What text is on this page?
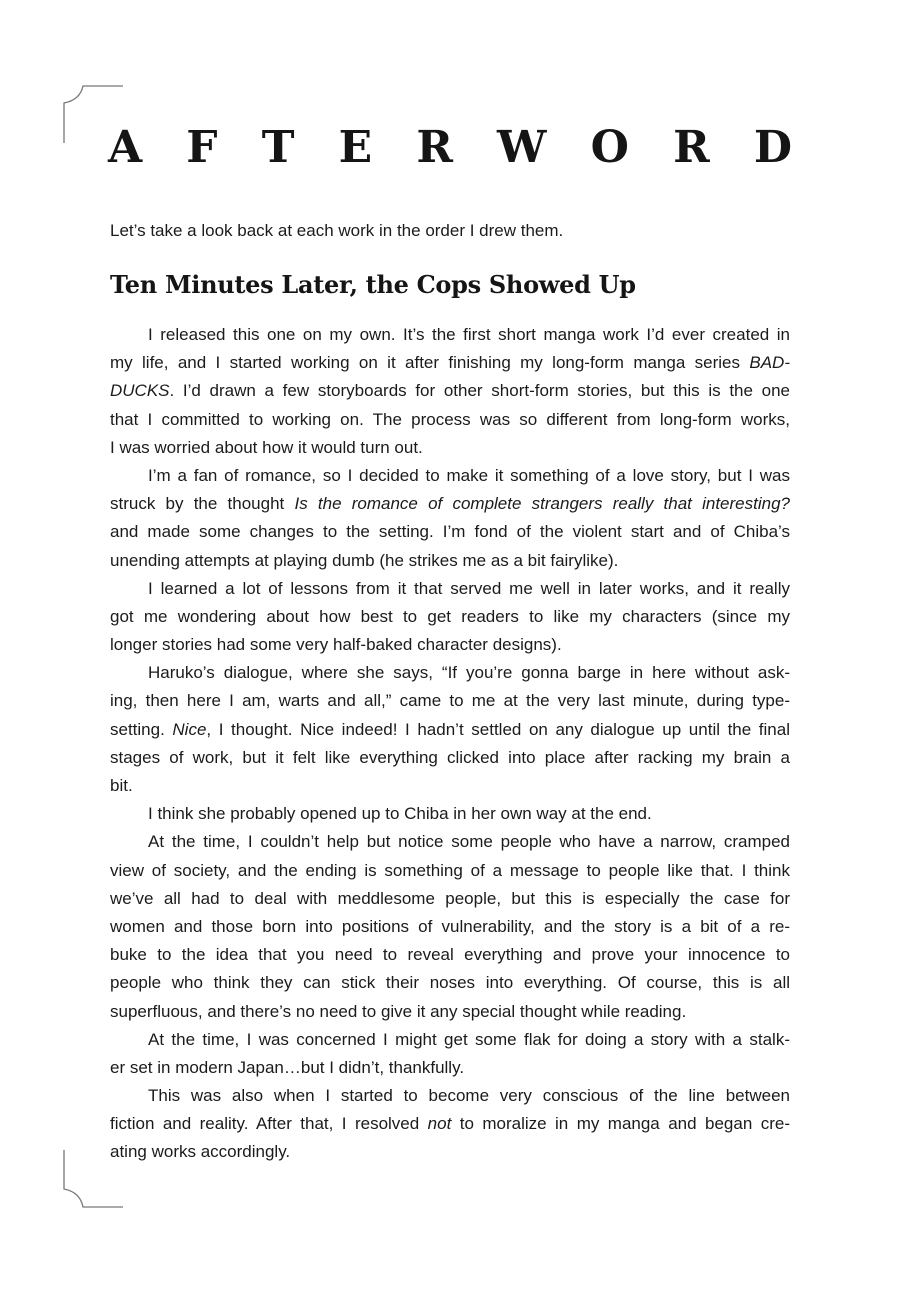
A F T E R W O R D
Let’s take a look back at each work in the order I drew them.
Ten Minutes Later, the Cops Showed Up
I released this one on my own. It’s the first short manga work I’d ever created in
my life, and I started working on it after finishing my long-form manga series BAD-
DUCKS. I’d drawn a few storyboards for other short-form stories, but this is the one
that I committed to working on. The process was so different from long-form works,
I was worried about how it would turn out.
I’m a fan of romance, so I decided to make it something of a love story, but I was
struck by the thought Is the romance of complete strangers really that interesting?
and made some changes to the setting. I’m fond of the violent start and of Chiba’s
unending attempts at playing dumb (he strikes me as a bit fairylike).
I learned a lot of lessons from it that served me well in later works, and it really
got me wondering about how best to get readers to like my characters (since my
longer stories had some very half-baked character designs).
Haruko’s dialogue, where she says, “If you’re gonna barge in here without ask-
ing, then here I am, warts and all,” came to me at the very last minute, during type-
setting. Nice, I thought. Nice indeed! I hadn’t settled on any dialogue up until the final
stages of work, but it felt like everything clicked into place after racking my brain a
bit.
I think she probably opened up to Chiba in her own way at the end.
At the time, I couldn’t help but notice some people who have a narrow, cramped
view of society, and the ending is something of a message to people like that. I think
we’ve all had to deal with meddlesome people, but this is especially the case for
women and those born into positions of vulnerability, and the story is a bit of a re-
buke to the idea that you need to reveal everything and prove your innocence to
people who think they can stick their noses into everything. Of course, this is all
superfluous, and there’s no need to give it any special thought while reading.
At the time, I was concerned I might get some flak for doing a story with a stalk-
er set in modern Japan…but I didn’t, thankfully.
This was also when I started to become very conscious of the line between
fiction and reality. After that, I resolved not to moralize in my manga and began cre-
ating works accordingly.
